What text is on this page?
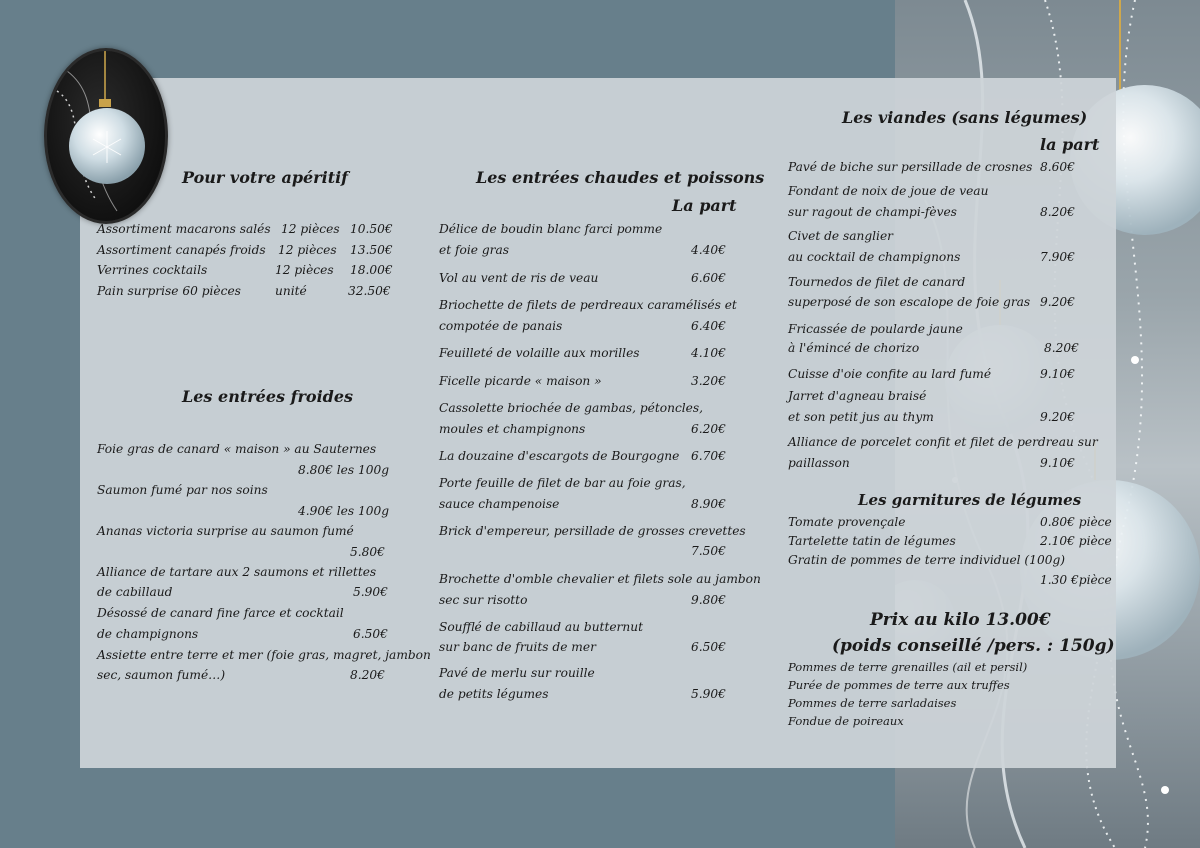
Pour votre apéritif
Assortiment macarons salés 12 pièces 10.50€
Assortiment canapés froids 12 pièces 13.50€
Verrines cocktails	12 pièces 18.00€
Pain surprise 60 pièces	unité	32.50€
Les entrées froides
Foie gras de canard « maison » au Sauternes
8.80€ les 100g
Saumon fumé par nos soins
4.90€ les 100g
Ananas victoria surprise au saumon fumé
5.80€
Alliance de tartare aux 2 saumons et rillettes
de cabillaud	5.90€
Désossé de canard fine farce et cocktail
de champignons	6.50€
Assiette entre terre et mer (foie gras, magret, jambon
sec, saumon fumé…)	8.20€
Les entrées chaudes et poissons
La part
Délice de boudin blanc farci pomme
et foie gras	4.40€
Vol au vent de ris de veau	6.60€
Briochette de filets de perdreaux caramélisés et
compotée de panais	6.40€
Feuilleté de volaille aux morilles	4.10€
Ficelle picarde « maison »	3.20€
Cassolette briochée de gambas, pétoncles,
moules et champignons	6.20€
La douzaine d'escargots de Bourgogne 6.70€
Porte feuille de filet de bar au foie gras,
sauce champenoise	8.90€
Brick d'empereur, persillade de grosses crevettes
7.50€
Brochette d'omble chevalier et filets sole au jambon
sec sur risotto	9.80€
Soufflé de cabillaud au butternut
sur banc de fruits de mer	6.50€
Pavé de merlu sur rouille
de petits légumes	5.90€
Les viandes (sans légumes)
la part
Pavé de biche sur persillade de crosnes 8.60€
Fondant de noix de joue de veau
sur ragout de champi-fèves	8.20€
Civet de sanglier
au cocktail de champignons	7.90€
Tournedos de filet de canard
superposé de son escalope de foie gras 9.20€
Fricassée de poularde jaune
à l'émincé de chorizo	8.20€
Cuisse d'oie confite au lard fumé	9.10€
Jarret d'agneau braisé
et son petit jus au thym	9.20€
Alliance de porcelet confit et filet de perdreau sur
paillasson	9.10€
Les garnitures de légumes
Tomate provençale	0.80€ pièce
Tartelette tatin de légumes	2.10€ pièce
Gratin de pommes de terre individuel (100g)
1.30 €pièce
Prix au kilo 13.00€
(poids conseillé /pers. : 150g)
Pommes de terre grenailles (ail et persil)
Purée de pommes de terre aux truffes
Pommes de terre sarladaises
Fondue de poireaux
